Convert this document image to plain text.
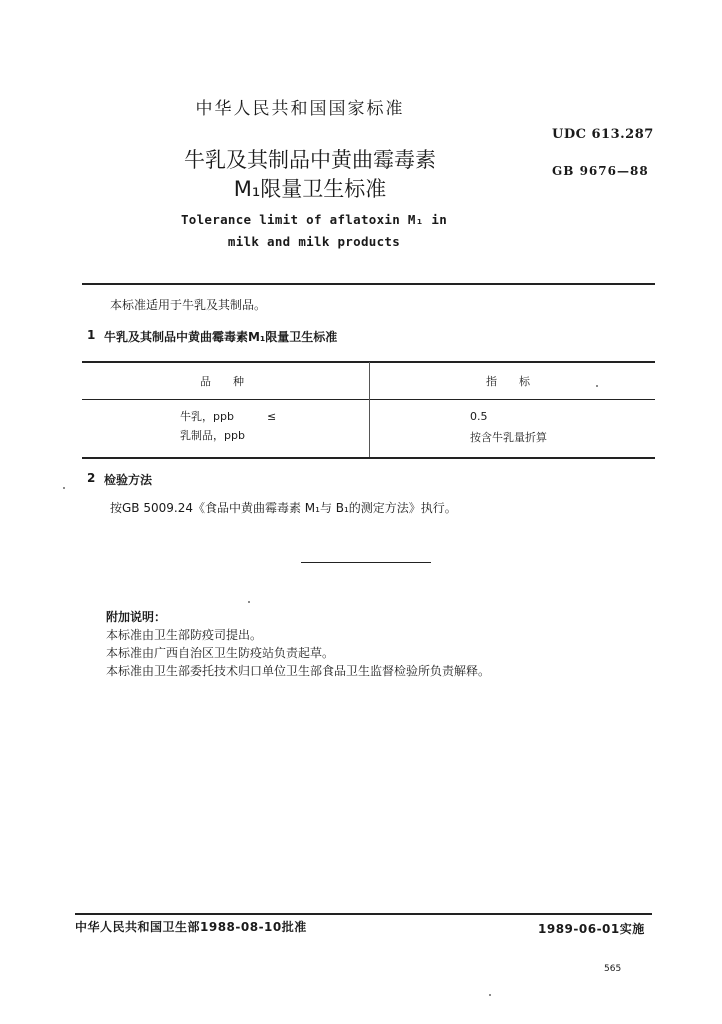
中华人民共和国国家标准
UDC 613.287
GB 9676—88
牛乳及其制品中黄曲霉毒素
M₁限量卫生标准
Tolerance limit of aflatoxin M₁ in
milk and milk products
本标准适用于牛乳及其制品。
1 牛乳及其制品中黄曲霉毒素M₁限量卫生标准
品　　种	指　　标
牛乳，ppb　　　≤	0.5
乳制品，ppb	按含牛乳量折算
2 检验方法
按GB 5009.24《食品中黄曲霉毒素 M₁与 B₁的测定方法》执行。
附加说明：
本标准由卫生部防疫司提出。
本标准由广西自治区卫生防疫站负责起草。
本标准由卫生部委托技术归口单位卫生部食品卫生监督检验所负责解释。
中华人民共和国卫生部1988-08-10批准	1989-06-01实施
565
